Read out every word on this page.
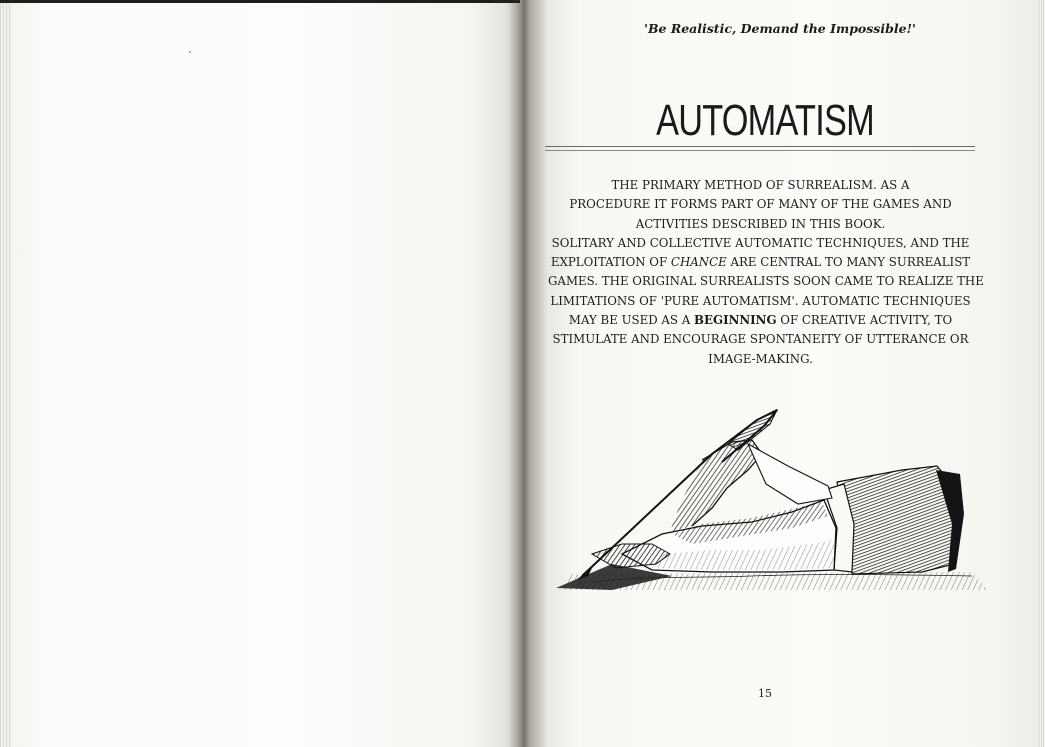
'Be Realistic, Demand the Impossible!'
AUTOMATISM
THE PRIMARY METHOD OF SURREALISM. AS A
PROCEDURE IT FORMS PART OF MANY OF THE GAMES AND
ACTIVITIES DESCRIBED IN THIS BOOK.
SOLITARY AND COLLECTIVE AUTOMATIC TECHNIQUES, AND THE
EXPLOITATION OF CHANCE ARE CENTRAL TO MANY SURREALIST
GAMES. THE ORIGINAL SURREALISTS SOON CAME TO REALIZE THE
LIMITATIONS OF 'PURE AUTOMATISM'. AUTOMATIC TECHNIQUES
MAY BE USED AS A BEGINNING OF CREATIVE ACTIVITY, TO
STIMULATE AND ENCOURAGE SPONTANEITY OF UTTERANCE OR
IMAGE-MAKING.
15
